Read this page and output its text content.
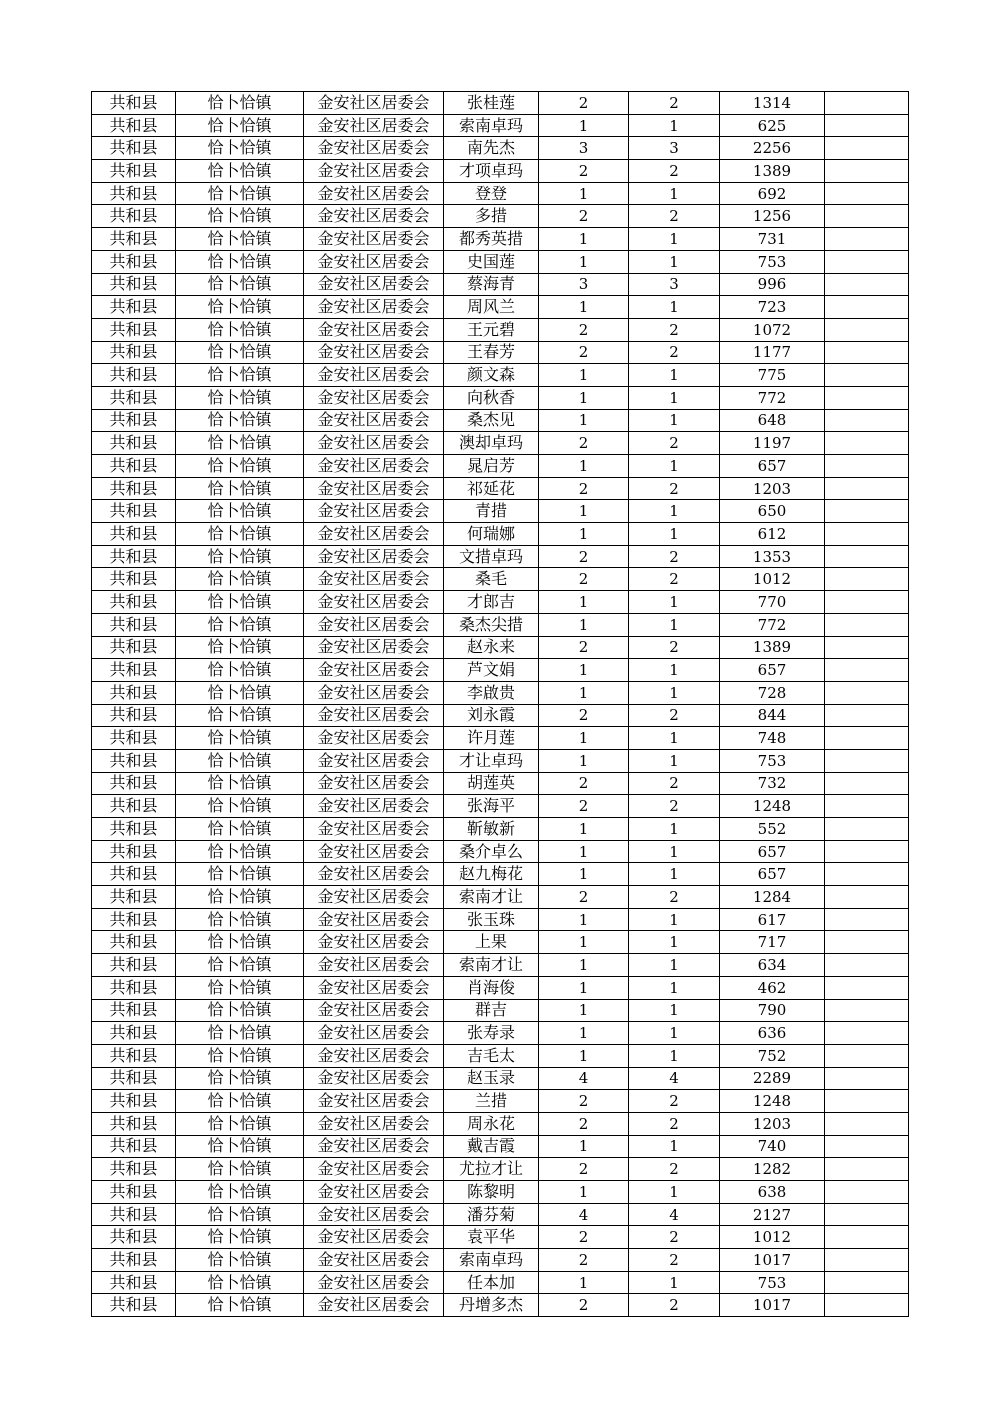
共和县	恰卜恰镇	金安社区居委会	张桂莲	2	2	1314	
共和县	恰卜恰镇	金安社区居委会	索南卓玛	1	1	625	
共和县	恰卜恰镇	金安社区居委会	南先杰	3	3	2256	
共和县	恰卜恰镇	金安社区居委会	才项卓玛	2	2	1389	
共和县	恰卜恰镇	金安社区居委会	登登	1	1	692	
共和县	恰卜恰镇	金安社区居委会	多措	2	2	1256	
共和县	恰卜恰镇	金安社区居委会	都秀英措	1	1	731	
共和县	恰卜恰镇	金安社区居委会	史国莲	1	1	753	
共和县	恰卜恰镇	金安社区居委会	蔡海青	3	3	996	
共和县	恰卜恰镇	金安社区居委会	周风兰	1	1	723	
共和县	恰卜恰镇	金安社区居委会	王元碧	2	2	1072	
共和县	恰卜恰镇	金安社区居委会	王春芳	2	2	1177	
共和县	恰卜恰镇	金安社区居委会	颜文森	1	1	775	
共和县	恰卜恰镇	金安社区居委会	向秋香	1	1	772	
共和县	恰卜恰镇	金安社区居委会	桑杰见	1	1	648	
共和县	恰卜恰镇	金安社区居委会	澳却卓玛	2	2	1197	
共和县	恰卜恰镇	金安社区居委会	晁启芳	1	1	657	
共和县	恰卜恰镇	金安社区居委会	祁延花	2	2	1203	
共和县	恰卜恰镇	金安社区居委会	青措	1	1	650	
共和县	恰卜恰镇	金安社区居委会	何瑞娜	1	1	612	
共和县	恰卜恰镇	金安社区居委会	文措卓玛	2	2	1353	
共和县	恰卜恰镇	金安社区居委会	桑毛	2	2	1012	
共和县	恰卜恰镇	金安社区居委会	才郎吉	1	1	770	
共和县	恰卜恰镇	金安社区居委会	桑杰尖措	1	1	772	
共和县	恰卜恰镇	金安社区居委会	赵永来	2	2	1389	
共和县	恰卜恰镇	金安社区居委会	芦文娟	1	1	657	
共和县	恰卜恰镇	金安社区居委会	李啟贵	1	1	728	
共和县	恰卜恰镇	金安社区居委会	刘永霞	2	2	844	
共和县	恰卜恰镇	金安社区居委会	许月莲	1	1	748	
共和县	恰卜恰镇	金安社区居委会	才让卓玛	1	1	753	
共和县	恰卜恰镇	金安社区居委会	胡莲英	2	2	732	
共和县	恰卜恰镇	金安社区居委会	张海平	2	2	1248	
共和县	恰卜恰镇	金安社区居委会	靳敏新	1	1	552	
共和县	恰卜恰镇	金安社区居委会	桑介卓么	1	1	657	
共和县	恰卜恰镇	金安社区居委会	赵九梅花	1	1	657	
共和县	恰卜恰镇	金安社区居委会	索南才让	2	2	1284	
共和县	恰卜恰镇	金安社区居委会	张玉珠	1	1	617	
共和县	恰卜恰镇	金安社区居委会	上果	1	1	717	
共和县	恰卜恰镇	金安社区居委会	索南才让	1	1	634	
共和县	恰卜恰镇	金安社区居委会	肖海俊	1	1	462	
共和县	恰卜恰镇	金安社区居委会	群吉	1	1	790	
共和县	恰卜恰镇	金安社区居委会	张寿录	1	1	636	
共和县	恰卜恰镇	金安社区居委会	吉毛太	1	1	752	
共和县	恰卜恰镇	金安社区居委会	赵玉录	4	4	2289	
共和县	恰卜恰镇	金安社区居委会	兰措	2	2	1248	
共和县	恰卜恰镇	金安社区居委会	周永花	2	2	1203	
共和县	恰卜恰镇	金安社区居委会	戴吉霞	1	1	740	
共和县	恰卜恰镇	金安社区居委会	尤拉才让	2	2	1282	
共和县	恰卜恰镇	金安社区居委会	陈黎明	1	1	638	
共和县	恰卜恰镇	金安社区居委会	潘芬菊	4	4	2127	
共和县	恰卜恰镇	金安社区居委会	袁平华	2	2	1012	
共和县	恰卜恰镇	金安社区居委会	索南卓玛	2	2	1017	
共和县	恰卜恰镇	金安社区居委会	任本加	1	1	753	
共和县	恰卜恰镇	金安社区居委会	丹增多杰	2	2	1017	
